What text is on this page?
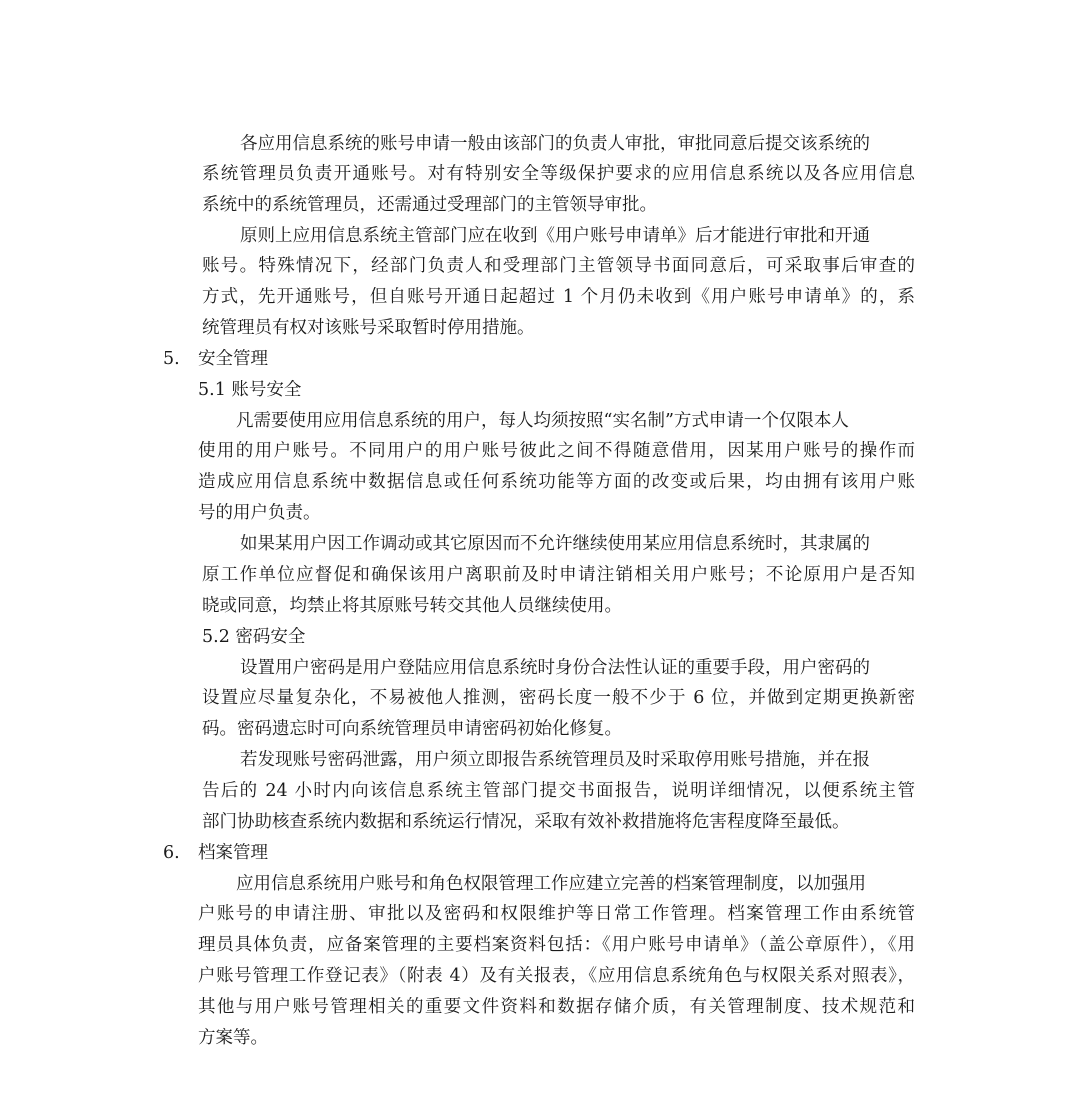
各应用信息系统的账号申请一般由该部门的负责人审批，审批同意后提交该系统的
系统管理员负责开通账号。对有特别安全等级保护要求的应用信息系统以及各应用信息
系统中的系统管理员，还需通过受理部门的主管领导审批。
原则上应用信息系统主管部门应在收到《用户账号申请单》后才能进行审批和开通
账号。特殊情况下，经部门负责人和受理部门主管领导书面同意后，可采取事后审查的
方式，先开通账号，但自账号开通日起超过 1 个月仍未收到《用户账号申请单》的，系
统管理员有权对该账号采取暂时停用措施。
5. 安全管理
5.1 账号安全
凡需要使用应用信息系统的用户，每人均须按照“实名制”方式申请一个仅限本人
使用的用户账号。不同用户的用户账号彼此之间不得随意借用，因某用户账号的操作而
造成应用信息系统中数据信息或任何系统功能等方面的改变或后果，均由拥有该用户账
号的用户负责。
如果某用户因工作调动或其它原因而不允许继续使用某应用信息系统时，其隶属的
原工作单位应督促和确保该用户离职前及时申请注销相关用户账号；不论原用户是否知
晓或同意，均禁止将其原账号转交其他人员继续使用。
5.2 密码安全
设置用户密码是用户登陆应用信息系统时身份合法性认证的重要手段，用户密码的
设置应尽量复杂化，不易被他人推测，密码长度一般不少于 6 位，并做到定期更换新密
码。密码遗忘时可向系统管理员申请密码初始化修复。
若发现账号密码泄露，用户须立即报告系统管理员及时采取停用账号措施，并在报
告后的 24 小时内向该信息系统主管部门提交书面报告，说明详细情况，以便系统主管
部门协助核查系统内数据和系统运行情况，采取有效补救措施将危害程度降至最低。
6. 档案管理
应用信息系统用户账号和角色权限管理工作应建立完善的档案管理制度，以加强用
户账号的申请注册、审批以及密码和权限维护等日常工作管理。档案管理工作由系统管
理员具体负责，应备案管理的主要档案资料包括：《用户账号申请单》（盖公章原件），《用
户账号管理工作登记表》（附表 4）及有关报表，《应用信息系统角色与权限关系对照表》，
其他与用户账号管理相关的重要文件资料和数据存储介质，有关管理制度、技术规范和
方案等。
